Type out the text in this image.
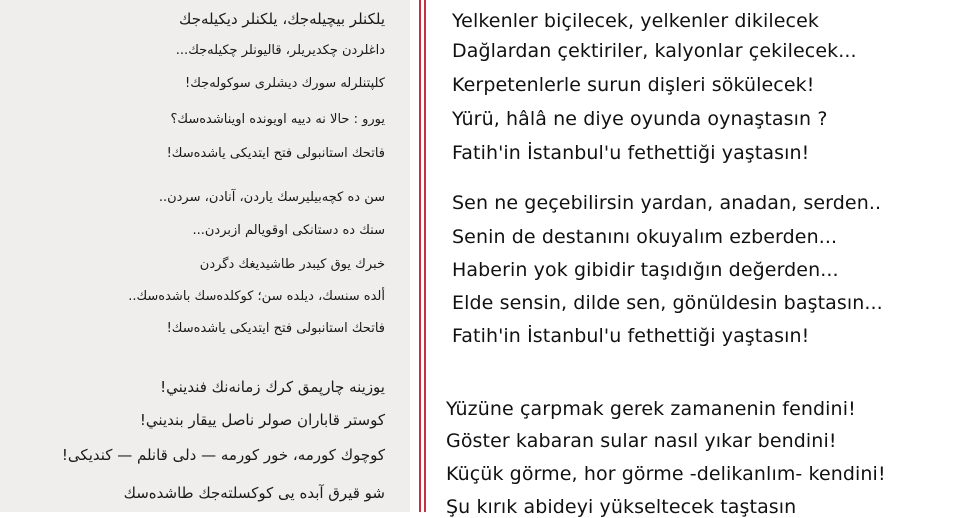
يلكنلر بيچيلەجك، يلكنلر ديكيلەجك
داغلردن چكديريلر، قاليونلر چكيلەجك...
كلپتنلرله سورك ديشلرى سوكولەجك!
يورو : حالا نه دييه اويونده اويناشدەسك؟
فاتحك استانبولى فتح ايتديكى ياشدەسك!
سن ده كچەبيليرسك ياردن، آنادن، سردن..
سنك ده دستانكى اوقويالم ازبردن...
خبرك يوق كيبدر طاشيديغك دگردن
ألده سنسك، ديلده سن؛ كوكلدەسك باشدەسك..
فاتحك استانبولى فتح ايتديكى ياشدەسك!
يوزينه چارپمق كرك زمانەنك فنديني!
كوستر قاباران صولر ناصل ييقار بنديني!
كوچوك كورمه، خور كورمه — دلى قانلم — كنديكى!
شو قيرق آبده يى كوكسلتەجك طاشدەسك
Yelkenler biçilecek, yelkenler dikilecek
Dağlardan çektiriler, kalyonlar çekilecek...
Kerpetenlerle surun dişleri sökülecek!
Yürü, hâlâ ne diye oyunda oynaştasın ?
Fatih'in İstanbul'u fethettiği yaştasın!
Sen ne geçebilirsin yardan, anadan, serden..
Senin de destanını okuyalım ezberden...
Haberin yok gibidir taşıdığın değerden...
Elde sensin, dilde sen, gönüldesin baştasın...
Fatih'in İstanbul'u fethettiği yaştasın!
Yüzüne çarpmak gerek zamanenin fendini!
Göster kabaran sular nasıl yıkar bendini!
Küçük görme, hor görme -delikanlım- kendini!
Şu kırık abideyi yükseltecek taştasın
